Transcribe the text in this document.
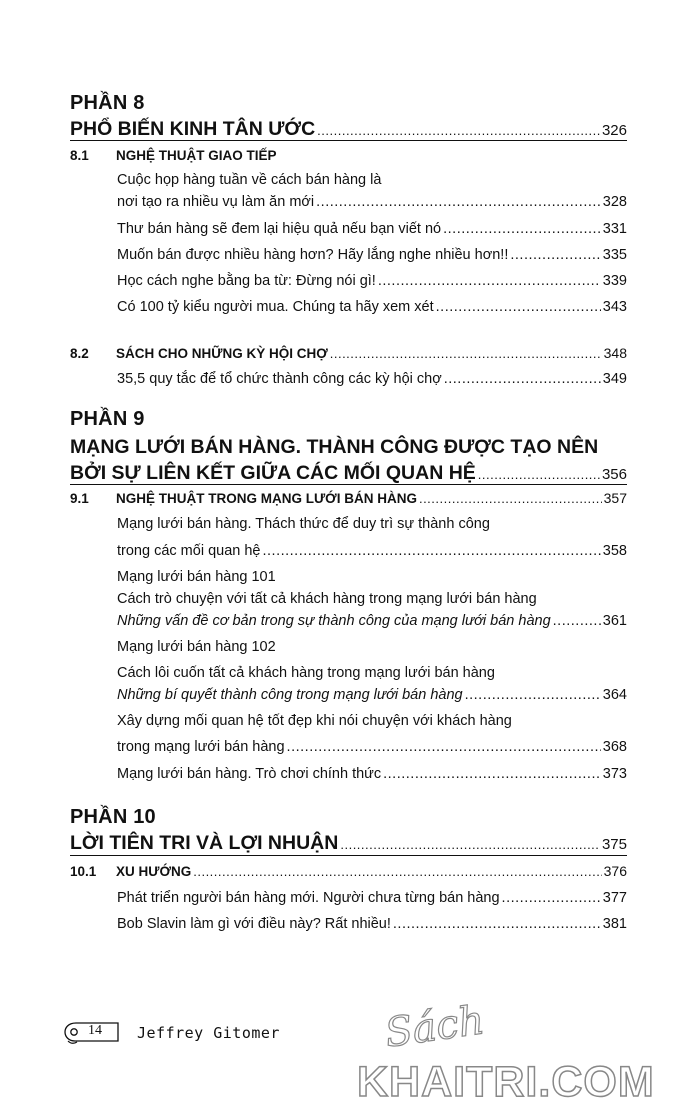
PHẦN 8
PHỔ BIẾN KINH TÂN ƯỚC .....	326
8.1 NGHỆ THUẬT GIAO TIẾP
Cuộc họp hàng tuần về cách bán hàng là
nơi tạo ra nhiều vụ làm ăn mới .....	328
Thư bán hàng sẽ đem lại hiệu quả nếu bạn viết nó .....	331
Muốn bán được nhiều hàng hơn? Hãy lắng nghe nhiều hơn!! .....	335
Học cách nghe bằng ba từ: Đừng nói gì! .....	339
Có 100 tỷ kiểu người mua. Chúng ta hãy xem xét .....	343
8.2 SÁCH CHO NHỮNG KỲ HỘI CHỢ .....	348
35,5 quy tắc để tổ chức thành công các kỳ hội chợ .....	349
PHẦN 9
MẠNG LƯỚI BÁN HÀNG. THÀNH CÔNG ĐƯỢC TẠO NÊN
BỞI SỰ LIÊN KẾT GIỮA CÁC MỐI QUAN HỆ .....	356
9.1 NGHỆ THUẬT TRONG MẠNG LƯỚI BÁN HÀNG .....	357
Mạng lưới bán hàng. Thách thức để duy trì sự thành công
trong các mối quan hệ .....	358
Mạng lưới bán hàng 101
Cách trò chuyện với tất cả khách hàng trong mạng lưới bán hàng
Những vấn đề cơ bản trong sự thành công của mạng lưới bán hàng .....	361
Mạng lưới bán hàng 102
Cách lôi cuốn tất cả khách hàng trong mạng lưới bán hàng
Những bí quyết thành công trong mạng lưới bán hàng .....	364
Xây dựng mối quan hệ tốt đẹp khi nói chuyện với khách hàng
trong mạng lưới bán hàng .....	368
Mạng lưới bán hàng. Trò chơi chính thức .....	373
PHẦN 10
LỜI TIÊN TRI VÀ LỢI NHUẬN .....	375
10.1 XU HƯỚNG .....	376
Phát triển người bán hàng mới. Người chưa từng bán hàng .....	377
Bob Slavin làm gì với điều này? Rất nhiều! .....	381
14 Jeffrey Gitomer	Sách
KHAITRI.COM
